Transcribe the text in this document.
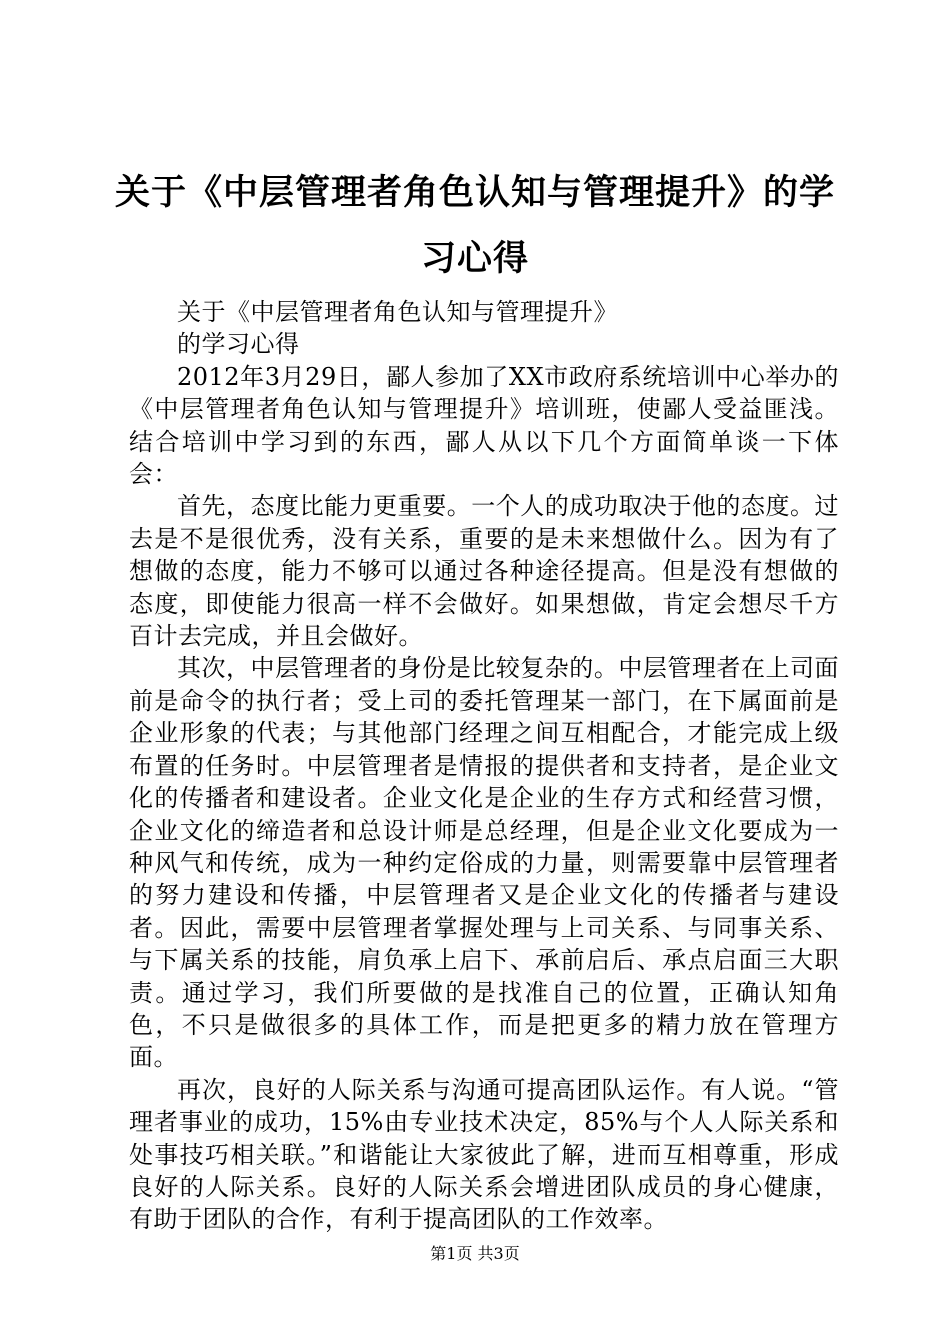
关于《中层管理者角色认知与管理提升》的学习心得

关于《中层管理者角色认知与管理提升》

的学习心得

2012年3月29日，鄙人参加了XX市政府系统培训中心举办的《中层管理者角色认知与管理提升》培训班，使鄙人受益匪浅。结合培训中学习到的东西，鄙人从以下几个方面简单谈一下体会：

首先，态度比能力更重要。一个人的成功取决于他的态度。过去是不是很优秀，没有关系，重要的是未来想做什么。因为有了想做的态度，能力不够可以通过各种途径提高。但是没有想做的态度，即使能力很高一样不会做好。如果想做，肯定会想尽千方百计去完成，并且会做好。

其次，中层管理者的身份是比较复杂的。中层管理者在上司面前是命令的执行者；受上司的委托管理某一部门，在下属面前是企业形象的代表；与其他部门经理之间互相配合，才能完成上级布置的任务时。中层管理者是情报的提供者和支持者，是企业文化的传播者和建设者。企业文化是企业的生存方式和经营习惯，企业文化的缔造者和总设计师是总经理，但是企业文化要成为一种风气和传统，成为一种约定俗成的力量，则需要靠中层管理者的努力建设和传播，中层管理者又是企业文化的传播者与建设者。因此，需要中层管理者掌握处理与上司关系、与同事关系、与下属关系的技能，肩负承上启下、承前启后、承点启面三大职责。通过学习，我们所要做的是找准自己的位置，正确认知角色，不只是做很多的具体工作，而是把更多的精力放在管理方面。

再次，良好的人际关系与沟通可提高团队运作。有人说。“管理者事业的成功，15%由专业技术决定，85%与个人人际关系和处事技巧相关联。”和谐能让大家彼此了解，进而互相尊重，形成良好的人际关系。良好的人际关系会增进团队成员的身心健康，有助于团队的合作，有利于提高团队的工作效率。

第1页 共3页
